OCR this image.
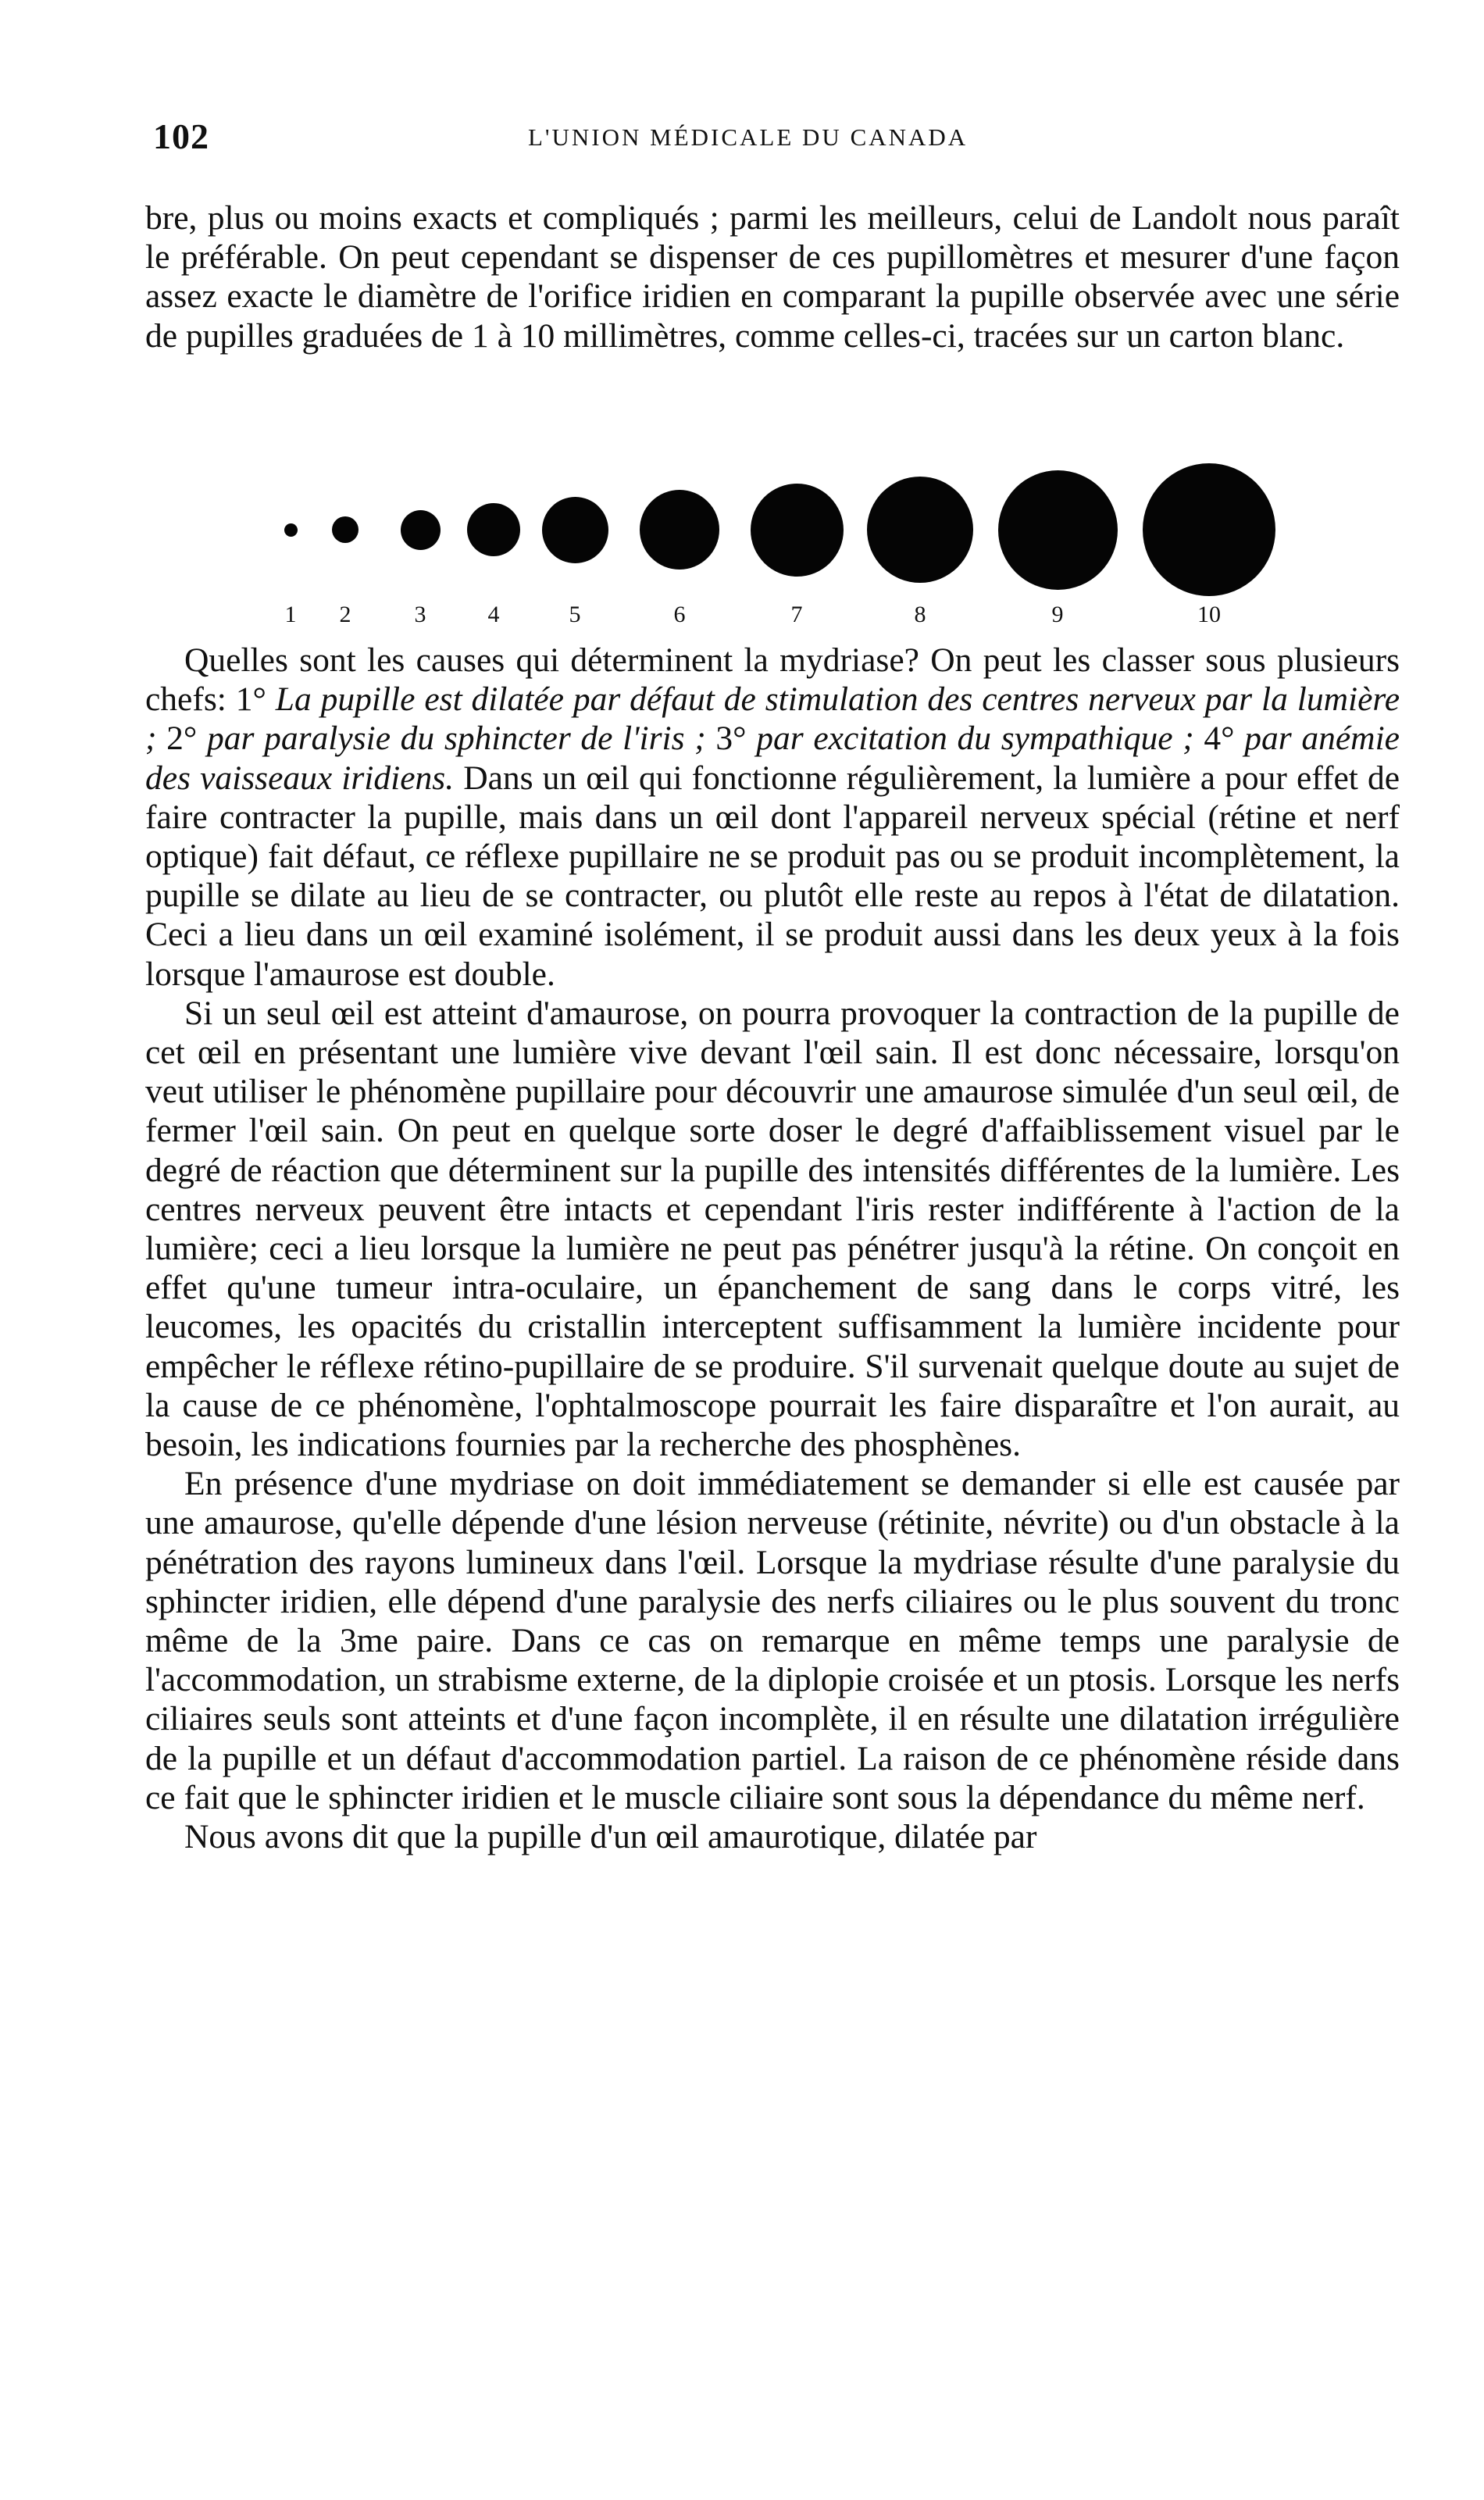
102	L'UNION MÉDICALE DU CANADA

bre, plus ou moins exacts et compliqués ; parmi les meilleurs, celui de Landolt nous paraît le préférable. On peut cependant se dispenser de ces pupillomètres et mesurer d'une façon assez exacte le diamètre de l'orifice iridien en comparant la pupille observée avec une série de pupilles graduées de 1 à 10 millimètres, comme celles-ci, tracées sur un carton blanc.

1	2	3	4	5	6	7	8	9	10

Quelles sont les causes qui déterminent la mydriase? On peut les classer sous plusieurs chefs: 1° La pupille est dilatée par défaut de stimulation des centres nerveux par la lumière ; 2° par paralysie du sphincter de l'iris ; 3° par excitation du sympathique ; 4° par anémie des vaisseaux iridiens. Dans un œil qui fonctionne régulièrement, la lumière a pour effet de faire contracter la pupille, mais dans un œil dont l'appareil nerveux spécial (rétine et nerf optique) fait défaut, ce réflexe pupillaire ne se produit pas ou se produit incomplètement, la pupille se dilate au lieu de se contracter, ou plutôt elle reste au repos à l'état de dilatation. Ceci a lieu dans un œil examiné isolément, il se produit aussi dans les deux yeux à la fois lorsque l'amaurose est double.

Si un seul œil est atteint d'amaurose, on pourra provoquer la contraction de la pupille de cet œil en présentant une lumière vive devant l'œil sain. Il est donc nécessaire, lorsqu'on veut utiliser le phénomène pupillaire pour découvrir une amaurose simulée d'un seul œil, de fermer l'œil sain. On peut en quelque sorte doser le degré d'affaiblissement visuel par le degré de réaction que déterminent sur la pupille des intensités différentes de la lumière. Les centres nerveux peuvent être intacts et cependant l'iris rester indifférente à l'action de la lumière; ceci a lieu lorsque la lumière ne peut pas pénétrer jusqu'à la rétine. On conçoit en effet qu'une tumeur intra-oculaire, un épanchement de sang dans le corps vitré, les leucomes, les opacités du cristallin interceptent suffisamment la lumière incidente pour empêcher le réflexe rétino-pupillaire de se produire. S'il survenait quelque doute au sujet de la cause de ce phénomène, l'ophtalmoscope pourrait les faire disparaître et l'on aurait, au besoin, les indications fournies par la recherche des phosphènes.

En présence d'une mydriase on doit immédiatement se demander si elle est causée par une amaurose, qu'elle dépende d'une lésion nerveuse (rétinite, névrite) ou d'un obstacle à la pénétration des rayons lumineux dans l'œil. Lorsque la mydriase résulte d'une paralysie du sphincter iridien, elle dépend d'une paralysie des nerfs ciliaires ou le plus souvent du tronc même de la 3me paire. Dans ce cas on remarque en même temps une paralysie de l'accommodation, un strabisme externe, de la diplopie croisée et un ptosis. Lorsque les nerfs ciliaires seuls sont atteints et d'une façon incomplète, il en résulte une dilatation irrégulière de la pupille et un défaut d'accommodation partiel. La raison de ce phénomène réside dans ce fait que le sphincter iridien et le muscle ciliaire sont sous la dépendance du même nerf.

Nous avons dit que la pupille d'un œil amaurotique, dilatée par
